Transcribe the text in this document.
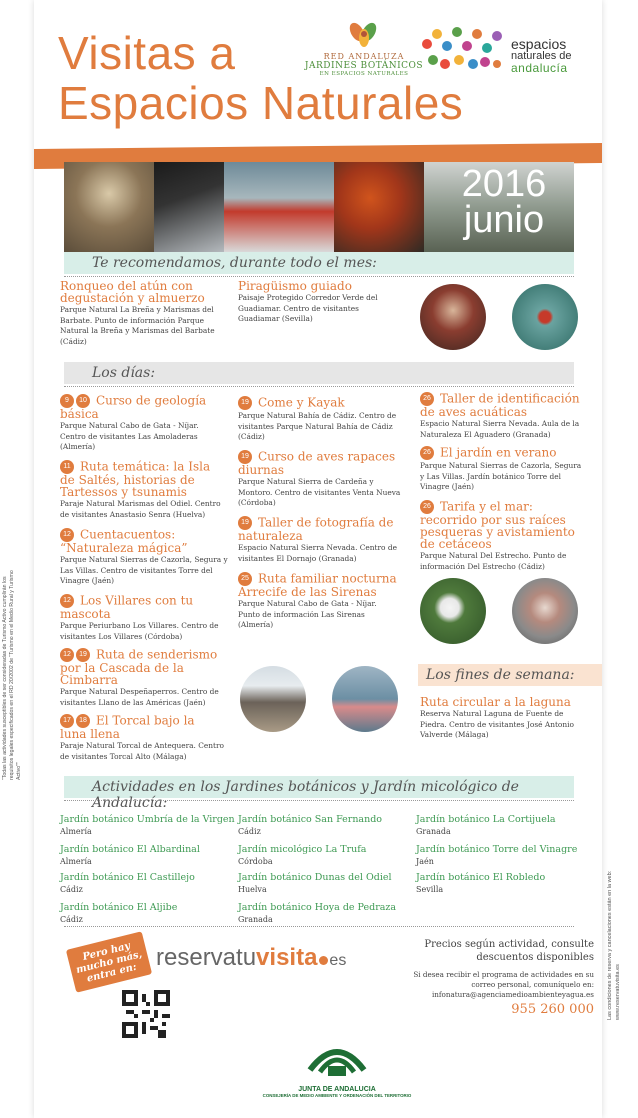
“Todas las actividades susceptibles de ser consideradas de Turismo Activo cumplirán los requisitos legales especificados en el RD 20/2002 de “Turismo en el Medio Rural y Turismo Activo””

Las condiciones de reserva y cancelaciones están en la web: www.reservatuvisita.es

Visitas a
Espacios Naturales
RED ANDALUZA
JARDINES BOTÁNICOS
EN ESPACIOS NATURALES
espacios
naturales de
andalucía
2016
junio
Te recomendamos, durante todo el mes:
Ronqueo del atún con degustación y almuerzo
Parque Natural La Breña y Marismas del Barbate. Punto de información Parque Natural la Breña y Marismas del Barbate (Cádiz)
Piragüismo guiado
Paisaje Protegido Corredor Verde del Guadiamar. Centro de visitantes Guadiamar (Sevilla)
Los días:
9 10 Curso de geología básica
Parque Natural Cabo de Gata - Níjar. Centro de visitantes Las Amoladeras (Almería)
11 Ruta temática: la Isla de Saltés, historias de Tartessos y tsunamis
Paraje Natural Marismas del Odiel. Centro de visitantes Anastasio Senra (Huelva)
12 Cuentacuentos: “Naturaleza mágica”
Parque Natural Sierras de Cazorla, Segura y Las Villas. Centro de visitantes Torre del Vinagre (Jaén)
12 Los Villares con tu mascota
Parque Periurbano Los Villares. Centro de visitantes Los Villares (Córdoba)
12 19 Ruta de senderismo por la Cascada de la Cimbarra
Parque Natural Despeñaperros. Centro de visitantes Llano de las Américas (Jaén)
17 18 El Torcal bajo la luna llena
Paraje Natural Torcal de Antequera. Centro de visitantes Torcal Alto (Málaga)
19 Come y Kayak
Parque Natural Bahía de Cádiz. Centro de visitantes Parque Natural Bahía de Cádiz (Cádiz)
19 Curso de aves rapaces diurnas
Parque Natural Sierra de Cardeña y Montoro. Centro de visitantes Venta Nueva (Córdoba)
19 Taller de fotografía de naturaleza
Espacio Natural Sierra Nevada. Centro de visitantes El Dornajo (Granada)
25 Ruta familiar nocturna Arrecife de las Sirenas
Parque Natural Cabo de Gata - Níjar. Punto de información Las Sirenas (Almería)
26 Taller de identificación de aves acuáticas
Espacio Natural Sierra Nevada. Aula de la Naturaleza El Aguadero (Granada)
26 El jardín en verano
Parque Natural Sierras de Cazorla, Segura y Las Villas. Jardín botánico Torre del Vinagre (Jaén)
26 Tarifa y el mar: recorrido por sus raíces pesqueras y avistamiento de cetáceos
Parque Natural Del Estrecho. Punto de información Del Estrecho (Cádiz)
Los fines de semana:
Ruta circular a la laguna
Reserva Natural Laguna de Fuente de Piedra. Centro de visitantes José Antonio Valverde (Málaga)
Actividades en los Jardines botánicos y Jardín micológico de Andalucía:
Jardín botánico Umbría de la Virgen
Almería
Jardín botánico El Albardinal
Almería
Jardín botánico El Castillejo
Cádiz
Jardín botánico El Aljibe
Cádiz
Jardín botánico San Fernando
Cádiz
Jardín micológico La Trufa
Córdoba
Jardín botánico Dunas del Odiel
Huelva
Jardín botánico Hoya de Pedraza
Granada
Jardín botánico La Cortijuela
Granada
Jardín botánico Torre del Vinagre
Jaén
Jardín botánico El Robledo
Sevilla
Pero hay mucho más, entra en:
reservatuvisita es
Precios según actividad, consulte descuentos disponibles
Si desea recibir el programa de actividades en su correo personal, comuníquelo en: infonatura@agenciamedioambienteyagua.es
955 260 000
JUNTA DE ANDALUCIA
CONSEJERÍA DE MEDIO AMBIENTE Y ORDENACIÓN DEL TERRITORIO
